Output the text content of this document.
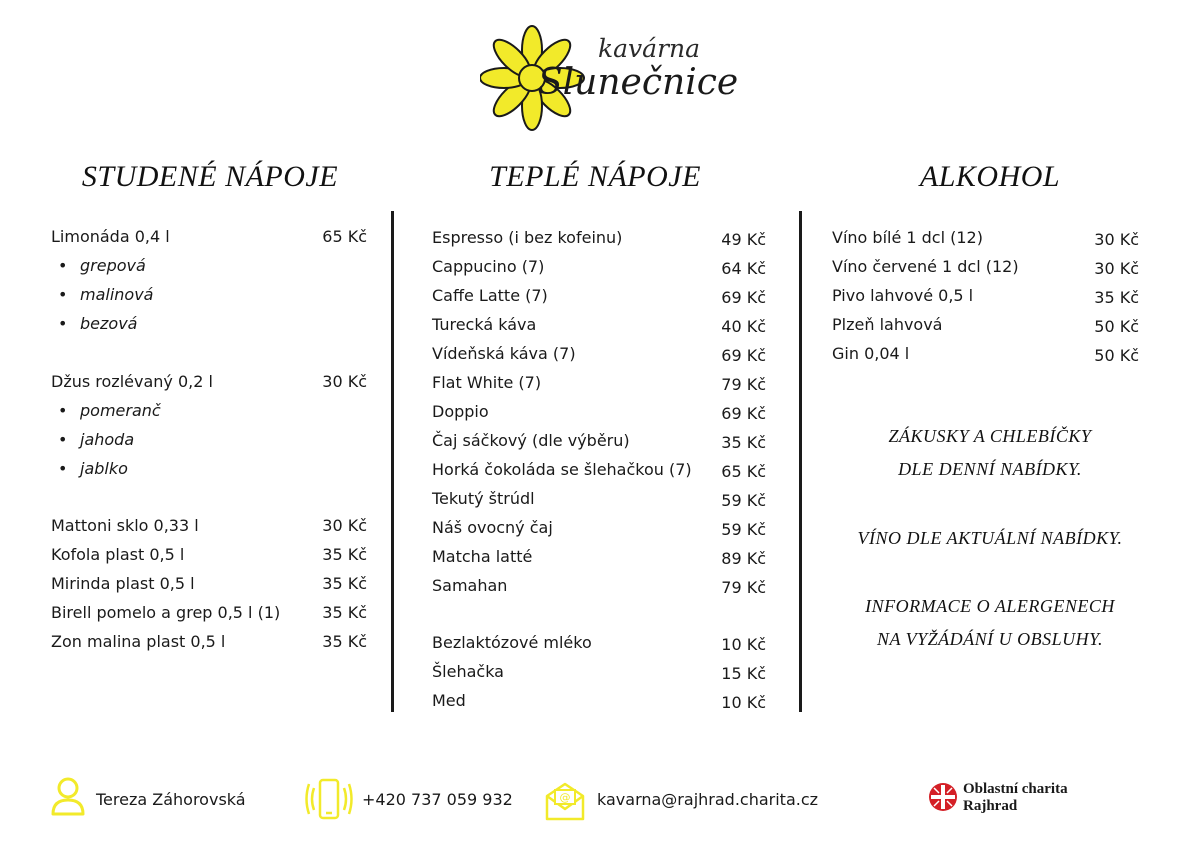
kavárna
Slunečnice
STUDENÉ NÁPOJE	TEPLÉ NÁPOJE	ALKOHOL
Limonáda 0,4 l	65 Kč
• grepová
• malinová
• bezová
Džus rozlévaný 0,2 l	30 Kč
• pomeranč
• jahoda
• jablko
Mattoni sklo 0,33 l	30 Kč
Kofola plast 0,5 l	35 Kč
Mirinda plast 0,5 l	35 Kč
Birell pomelo a grep 0,5 l (1)	35 Kč
Zon malina plast 0,5 l	35 Kč
Espresso (i bez kofeinu)	49 Kč
Cappucino (7)	64 Kč
Caffe Latte (7)	69 Kč
Turecká káva	40 Kč
Vídeňská káva (7)	69 Kč
Flat White (7)	79 Kč
Doppio	69 Kč
Čaj sáčkový (dle výběru)	35 Kč
Horká čokoláda se šlehačkou (7) 65 Kč
Tekutý štrúdl	59 Kč
Náš ovocný čaj	59 Kč
Matcha latté	89 Kč
Samahan	79 Kč
Bezlaktózové mléko	10 Kč
Šlehačka	15 Kč
Med	10 Kč
Víno bílé 1 dcl (12)	30 Kč
Víno červené 1 dcl (12)	30 Kč
Pivo lahvové 0,5 l	35 Kč
Plzeň lahvová	50 Kč
Gin 0,04 l	50 Kč
ZÁKUSKY A CHLEBÍČKY
DLE DENNÍ NABÍDKY.
VÍNO DLE AKTUÁLNÍ NABÍDKY.
INFORMACE O ALERGENECH
NA VYŽÁDÁNÍ U OBSLUHY.
Tereza Záhorovská	+420 737 059 932	@ kavarna@rajhrad.charita.cz
Oblastní charita
Rajhrad
